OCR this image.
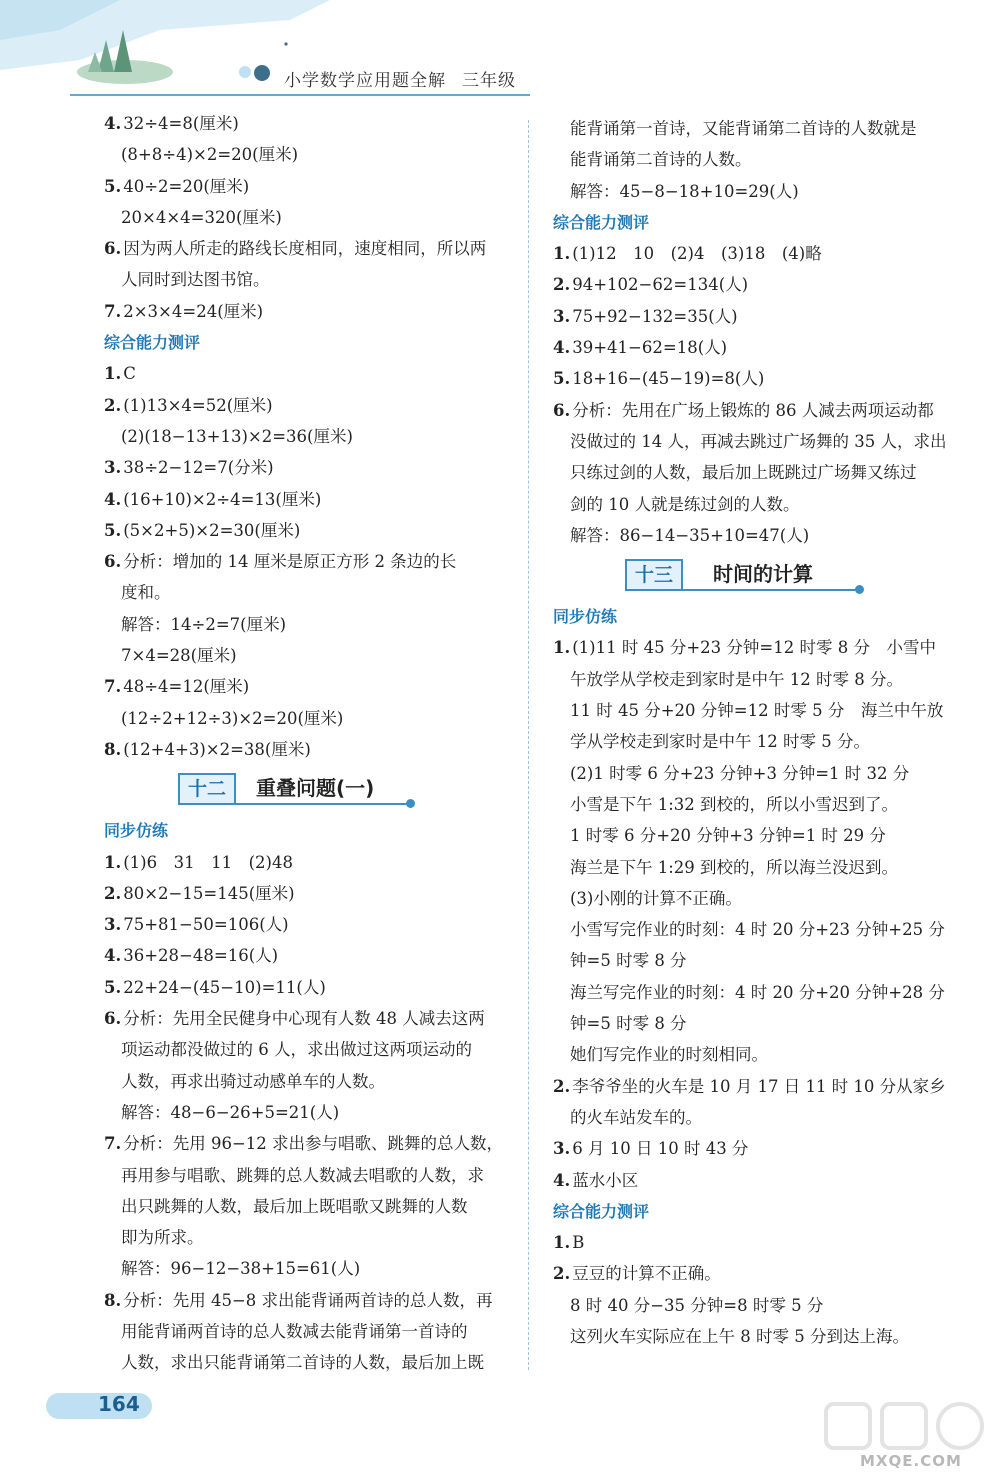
小学数学应用题全解 三年级
4. 32÷4=8(厘米)
(8+8÷4)×2=20(厘米)
5. 40÷2=20(厘米)
20×4×4=320(厘米)
6. 因为两人所走的路线长度相同，速度相同，所以两
人同时到达图书馆。
7. 2×3×4=24(厘米)
综合能力测评
1. C
2. (1)13×4=52(厘米)
(2)(18−13+13)×2=36(厘米)
3. 38÷2−12=7(分米)
4. (16+10)×2÷4=13(厘米)
5. (5×2+5)×2=30(厘米)
6. 分析：增加的 14 厘米是原正方形 2 条边的长
度和。
解答：14÷2=7(厘米)
7×4=28(厘米)
7. 48÷4=12(厘米)
(12÷2+12÷3)×2=20(厘米)
8. (12+4+3)×2=38(厘米)
十二	重叠问题(一)
同步仿练
1. (1)6　31　11　(2)48
2. 80×2−15=145(厘米)
3. 75+81−50=106(人)
4. 36+28−48=16(人)
5. 22+24−(45−10)=11(人)
6. 分析：先用全民健身中心现有人数 48 人减去这两
项运动都没做过的 6 人，求出做过这两项运动的
人数，再求出骑过动感单车的人数。
解答：48−6−26+5=21(人)
7. 分析：先用 96−12 求出参与唱歌、跳舞的总人数，
再用参与唱歌、跳舞的总人数减去唱歌的人数，求
出只跳舞的人数，最后加上既唱歌又跳舞的人数
即为所求。
解答：96−12−38+15=61(人)
8. 分析：先用 45−8 求出能背诵两首诗的总人数，再
用能背诵两首诗的总人数减去能背诵第一首诗的
人数，求出只能背诵第二首诗的人数，最后加上既
能背诵第一首诗，又能背诵第二首诗的人数就是
能背诵第二首诗的人数。
解答：45−8−18+10=29(人)
综合能力测评
1. (1)12　10　(2)4　(3)18　(4)略
2. 94+102−62=134(人)
3. 75+92−132=35(人)
4. 39+41−62=18(人)
5. 18+16−(45−19)=8(人)
6. 分析：先用在广场上锻炼的 86 人减去两项运动都
没做过的 14 人，再减去跳过广场舞的 35 人，求出
只练过剑的人数，最后加上既跳过广场舞又练过
剑的 10 人就是练过剑的人数。
解答：86−14−35+10=47(人)
十三	时间的计算
同步仿练
1. (1)11 时 45 分+23 分钟=12 时零 8 分　小雪中
午放学从学校走到家时是中午 12 时零 8 分。
11 时 45 分+20 分钟=12 时零 5 分　海兰中午放
学从学校走到家时是中午 12 时零 5 分。
(2)1 时零 6 分+23 分钟+3 分钟=1 时 32 分
小雪是下午 1:32 到校的，所以小雪迟到了。
1 时零 6 分+20 分钟+3 分钟=1 时 29 分
海兰是下午 1:29 到校的，所以海兰没迟到。
(3)小刚的计算不正确。
小雪写完作业的时刻：4 时 20 分+23 分钟+25 分
钟=5 时零 8 分
海兰写完作业的时刻：4 时 20 分+20 分钟+28 分
钟=5 时零 8 分
她们写完作业的时刻相同。
2. 李爷爷坐的火车是 10 月 17 日 11 时 10 分从家乡
的火车站发车的。
3. 6 月 10 日 10 时 43 分
4. 蓝水小区
综合能力测评
1. B
2. 豆豆的计算不正确。
8 时 40 分−35 分钟=8 时零 5 分
这列火车实际应在上午 8 时零 5 分到达上海。
164
MXQE.COM
